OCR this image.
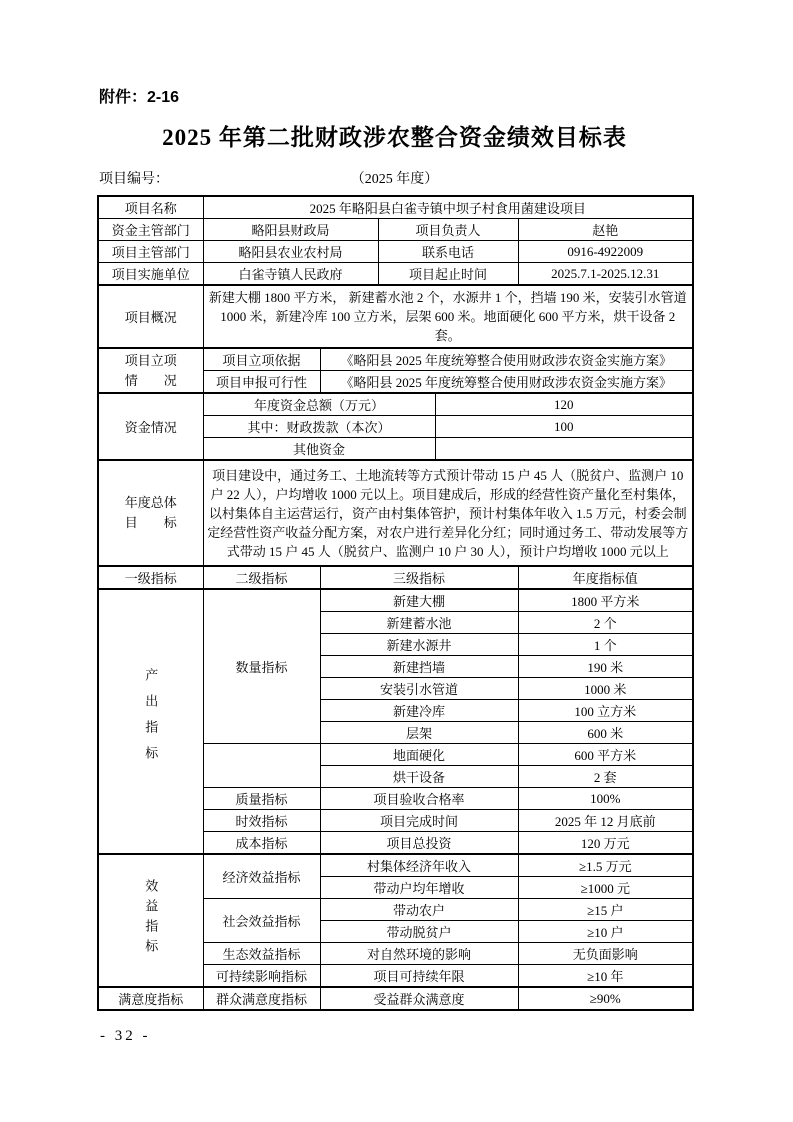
附件：2-16
2025 年第二批财政涉农整合资金绩效目标表
项目编号：	（2025 年度）
项目名称	2025 年略阳县白雀寺镇中坝子村食用菌建设项目				
资金主管部门	略阳县财政局		项目负责人		赵艳
项目主管部门	略阳县农业农村局		联系电话		0916-4922009
项目实施单位	白雀寺镇人民政府		项目起止时间		2025.7.1-2025.12.31
项目概况	新建大棚 1800 平方米， 新建蓄水池 2 个，水源井 1 个，挡墙 190 米，安装引水管道 1000 米，新建冷库 100 立方米，层架 600 米。地面硬化 600 平方米，烘干设备 2 套。				

项目立项
情　　况	项目立项依据	《略阳县 2025 年度统筹整合使用财政涉农资金实施方案》			
	项目申报可行性	《略阳县 2025 年度统筹整合使用财政涉农资金实施方案》			
资金情况	年度资金总额（万元）			120	
	其中：财政拨款（本次）			100	
	其他资金				

年度总体
目　　标	项目建设中，通过务工、土地流转等方式预计带动 15 户 45 人（脱贫户、监测户 10 户 22 人），户均增收 1000 元以上。项目建成后，形成的经营性资产量化至村集体，以村集体自主运营运行，资产由村集体管护，预计村集体年收入 1.5 万元，村委会制定经营性资产收益分配方案，对农户进行差异化分红；同时通过务工、带动发展等方式带动 15 户 45 人（脱贫户、监测户 10 户 30 人），预计户均增收 1000 元以上				
一级指标	二级指标	三级指标			年度指标值
产出指标	数量指标	新建大棚			1800 平方米
		新建蓄水池			2 个
		新建水源井			1 个
		新建挡墙			190 米
		安装引水管道			1000 米
		新建冷库			100 立方米
		层架			600 米
		地面硬化			600 平方米
		烘干设备			2 套
	质量指标	项目验收合格率			100%
	时效指标	项目完成时间			2025 年 12 月底前
	成本指标	项目总投资			120 万元
效益指标	经济效益指标	村集体经济年收入			≥1.5 万元
		带动户均年增收			≥1000 元
	社会效益指标	带动农户			≥15 户
		带动脱贫户			≥10 户
	生态效益指标	对自然环境的影响			无负面影响
	可持续影响指标	项目可持续年限			≥10 年
满意度指标	群众满意度指标	受益群众满意度			≥90%
- 32 -
